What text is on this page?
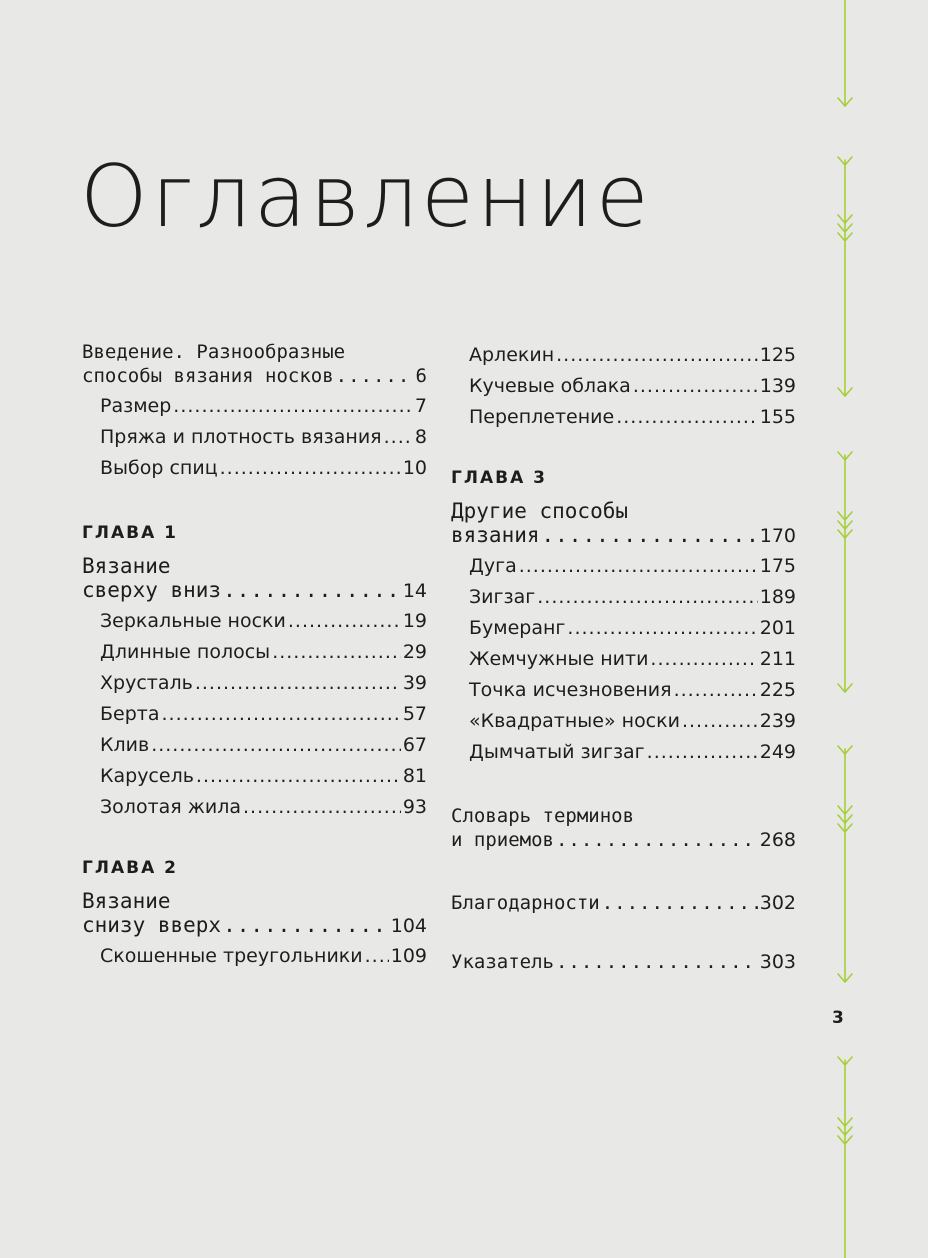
Оглавление
Введение. Разнообразные
способы вязания носков .....	6
Размер .....	7
Пряжа и плотность вязания ..... 8
Выбор спиц .....	10
ГЛАВА 1
Вязание
сверху вниз .....	14
Зеркальные носки .....	19
Длинные полосы .....	29
Хрусталь .....	39
Берта .....	57
Клив .....	67
Карусель .....	81
Золотая жила .....	93
ГЛАВА 2
Вязание
снизу вверх .....	104
Скошенные треугольники ..... 109
Арлекин .....	125
Кучевые облака .....	139
Переплетение .....	155
ГЛАВА 3
Другие способы
вязания .....	170
Дуга .....	175
Зигзаг .....	189
Бумеранг .....	201
Жемчужные нити .....	211
Точка исчезновения .....	225
«Квадратные» носки .....	239
Дымчатый зигзаг .....	249
Словарь терминов
и приемов .....	268
Благодарности .....	302
Указатель .....	303
3
